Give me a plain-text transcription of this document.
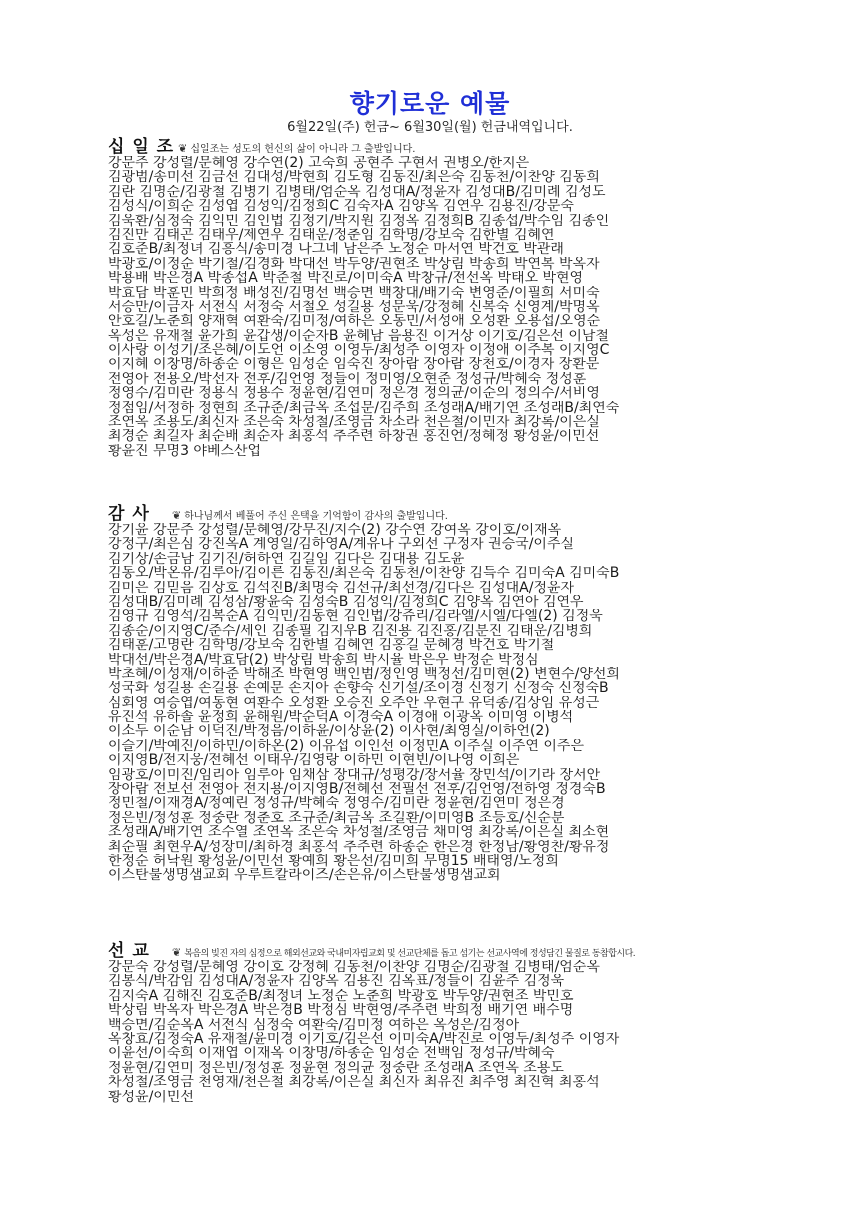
향기로운 예물
6월22일(주) 헌금~ 6월30일(월) 헌금내역입니다.
십 일 조 ❦ 십일조는 성도의 헌신의 삶이 아니라 그 출발입니다.
강문주 강성렬/문혜영 강수연(2) 고숙희 공현주 구현서 권병오/한지은
김광범/송미선 김금선 김대성/박현희 김도형 김동진/최은숙 김동천/이찬양 김동희
김란 김명순/김광철 김병기 김병태/엄순옥 김성대A/정윤자 김성대B/김미례 김성도
김성식/이희순 김성엽 김성익/김정희C 김숙자A 김양옥 김연우 김용진/강문숙
김욱환/심정숙 김익민 김인법 김정기/박지원 김정옥 김정희B 김종섭/박수임 김종인
김진만 김태곤 김태우/제연우 김태운/정춘임 김학명/강보숙 김한별 김혜연
김호준B/최정녀 김흥식/송미경 나그네 남은주 노정순 마서연 박건호 박관래
박광호/이정순 박기철/김경화 박대선 박두양/권현조 박상림 박송희 박연복 박옥자
박용배 박은경A 박종섭A 박준철 박진로/이미숙A 박창규/전선옥 박태오 박현영
박효담 박훈민 박희정 배성진/김명선 백승면 백창대/배기숙 변영준/이필희 서미숙
서승만/이금자 서전식 서정숙 서철오 성길용 성문욱/강정혜 신복숙 신영계/박명옥
안호길/노춘희 양재혁 여환숙/김미정/여하은 오동민/서성애 오성환 오용섭/오영순
옥성은 유재철 윤가희 윤갑생/이순자B 윤혜남 음용진 이거상 이기호/김은선 이남철
이사랑 이성기/조은혜/이도언 이소영 이영두/최성주 이영자 이정애 이주복 이지영C
이지혜 이창명/하종순 이형은 임성순 임숙진 장아람 장아람 장천호/이경자 장환문
전영아 전용오/박선자 전후/김언영 정들이 정미영/오현준 정성규/박혜숙 정성훈
정영수/김미란 정용식 정용수 정윤현/김연미 정은경 정의균/이순의 정의수/서비영
정점임/서정하 정현희 조규준/최금옥 조섭문/김주희 조성래A/배기연 조성래B/최연숙
조연옥 조용도/최신자 조은숙 차성철/조영금 차소라 천은철/이민자 최강록/이은실
최경순 최길자 최순배 최순자 최홍석 추주련 하창권 홍진언/정혜정 황성윤/이민선
황윤진 무명3 야베스산업
감 사 ❦ 하나님께서 베풀어 주신 은택을 기억함이 감사의 출발입니다.
강기윤 강문주 강성렬/문혜영/강무진/지수(2) 강수연 강여옥 강이호/이재옥
강정구/최은심 강진옥A 계영일/김하영A/계유나 구외선 구정자 권승국/이주실
김기상/손금남 김기진/허하연 김길임 김다은 김대용 김도윤
김동오/박온유/김루아/김이른 김동진/최은숙 김동천/이찬양 김득수 김미숙A 김미숙B
김미은 김믿음 김상호 김석진B/최명숙 김선규/최선경/김다은 김성대A/정윤자
김성대B/김미례 김성삼/황윤숙 김성숙B 김성익/김정희C 김양옥 김연아 김연우
김영규 김영석/김복순A 김익민/김동현 김인법/강쥬리/김라엘/시엘/다엘(2) 김정욱
김종순/이지영C/준수/세인 김종필 김지우B 김진용 김진홍/김분진 김태운/김병희
김태훈/고명란 김학명/강보숙 김한별 김혜연 김홍길 문혜경 박건호 박기철
박대선/박은경A/박효담(2) 박상림 박송희 박시율 박은우 박정순 박정심
박초혜/이성재/이하준 박해조 박현영 백인범/정인영 백정선/김미현(2) 변현수/양선희
성국화 성길용 손길용 손예문 손지아 손향숙 신기설/조이경 신정기 신정숙 신정숙B
심회영 여승엽/여동현 여환수 오성환 오승진 오주안 우현구 유덕종/김상임 유성근
유진석 유하솔 윤정희 윤해원/박순덕A 이경숙A 이경애 이광옥 이미영 이병석
이소두 이순남 이덕진/박정음/이하윤/이상윤(2) 이사현/최영실/이하언(2)
이슬기/박예진/이하민/이하온(2) 이유섭 이인선 이정민A 이주실 이주연 이주은
이지영B/전지웅/전혜선 이태우/김영랑 이하민 이현빈/이나영 이희은
임광호/이미진/임리아 임루아 임채삼 장대규/성평강/장서율 장민석/이기라 장서안
장아람 전보선 전영아 전지용/이지영B/전혜선 전필선 전후/김언영/전하영 정경숙B
정민철/이재경A/정예린 정성규/박혜숙 정영수/김미란 정윤현/김연미 정은경
정은빈/정성훈 정중란 정춘호 조규준/최금옥 조길환/이미영B 조등호/신순분
조성래A/배기연 조수열 조연옥 조은숙 차성철/조영금 채미영 최강록/이은실 최소현
최순필 최현우A/성장미/최하경 최홍석 추주련 하종순 한은경 한정남/황영찬/황유정
한정순 허낙원 황성윤/이민선 황예희 황은선/김미희 무명15 배태영/노정희
이스탄불생명샘교회 우루트칼라이즈/손은유/이스탄불생명샘교회
선 교 ❦ 복음의 빚진 자의 심정으로 해외선교와 국내미자립교회 및 선교단체를 돕고 섬기는 선교사역에 정성담긴 물질로 동참합시다.
강문숙 강성렬/문혜영 강이호 강정혜 김동천/이찬양 김명순/김광철 김병태/엄순옥
김봉식/박감임 김성대A/정윤자 김양옥 김용진 김옥표/정들이 김윤주 김정욱
김지숙A 김해진 김호준B/최정녀 노정순 노춘희 박광호 박두양/권현조 박민호
박상림 박옥자 박은경A 박은경B 박정심 박현영/추주련 박희정 배기연 배수명
백승면/김순옥A 서전식 심정숙 여환숙/김미정 여하은 옥성은/김정아
옥창효/김정숙A 유재철/윤미경 이기호/김은선 이미숙A/박진로 이영두/최성주 이영자
이윤선/이숙희 이재엽 이재옥 이창명/하종순 임성순 전백임 정성규/박혜숙
정윤현/김연미 정은빈/정성훈 정윤현 정의균 정중란 조성래A 조연옥 조용도
차성철/조영금 천영재/천은철 최강록/이은실 최신자 최유진 최주영 최진혁 최홍석
황성윤/이민선
